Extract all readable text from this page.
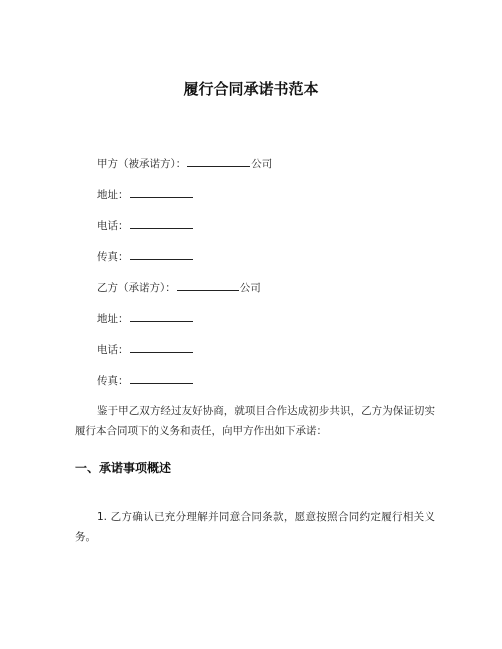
履行合同承诺书范本
甲方（被承诺方）：	公司
地址：
电话：
传真：
乙方（承诺方）：	公司
地址：
电话：
传真：
鉴于甲乙双方经过友好协商，就项目合作达成初步共识，乙方为保证切实履行本合同项下的义务和责任，向甲方作出如下承诺：
一、承诺事项概述
1. 乙方确认已充分理解并同意合同条款，愿意按照合同约定履行相关义务。
